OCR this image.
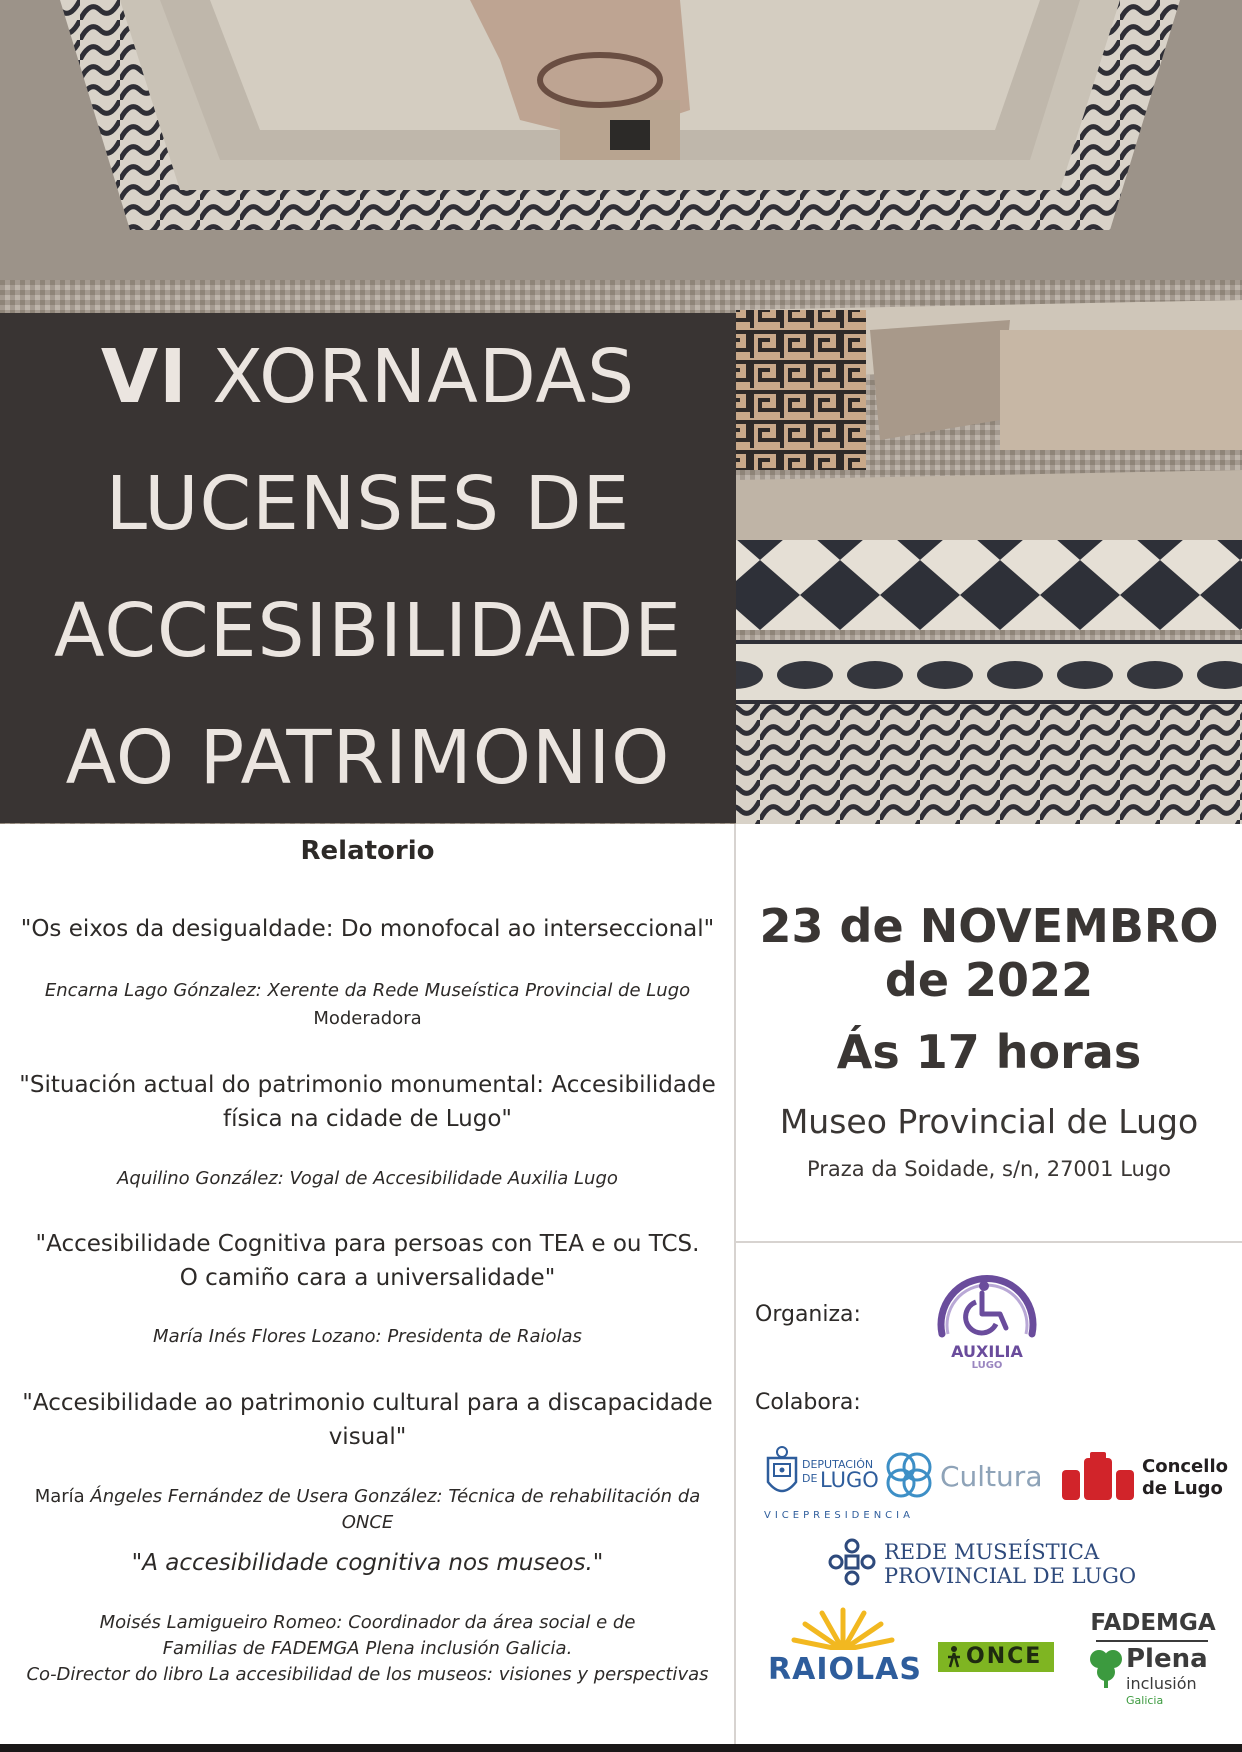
VI XORNADAS
LUCENSES DE
ACCESIBILIDADE
AO PATRIMONIO
Relatorio
"Os eixos da desigualdade: Do monofocal ao interseccional"
Encarna Lago Gónzalez: Xerente da Rede Museística Provincial de Lugo
Moderadora
"Situación actual do patrimonio monumental: Accesibilidade
física na cidade de Lugo"
Aquilino González: Vogal de Accesibilidade Auxilia Lugo
"Accesibilidade Cognitiva para persoas con TEA e ou TCS.
O camiño cara a universalidade"
María Inés Flores Lozano: Presidenta de Raiolas
"Accesibilidade ao patrimonio cultural para a discapacidade
visual"
María Ángeles Fernández de Usera González: Técnica de rehabilitación da ONCE
"A accesibilidade cognitiva nos museos."
Moisés Lamigueiro Romeo: Coordinador da área social e de
Familias de FADEMGA Plena inclusión Galicia.
Co-Director do libro La accesibilidad de los museos: visiones y perspectivas
23 de NOVEMBRO
de 2022
Ás 17 horas
Museo Provincial de Lugo
Praza da Soidade, s/n, 27001 Lugo
Organiza:
AUXILIA
LUGO
Colabora:
DEPUTACIÓN
DE LUGO Cultura
VICEPRESIDENCIA
Concello
de Lugo
REDE MUSEÍSTICA
PROVINCIAL DE LUGO
RAIOLAS ONCE
FADEMGA
Plena
inclusión
Galicia
